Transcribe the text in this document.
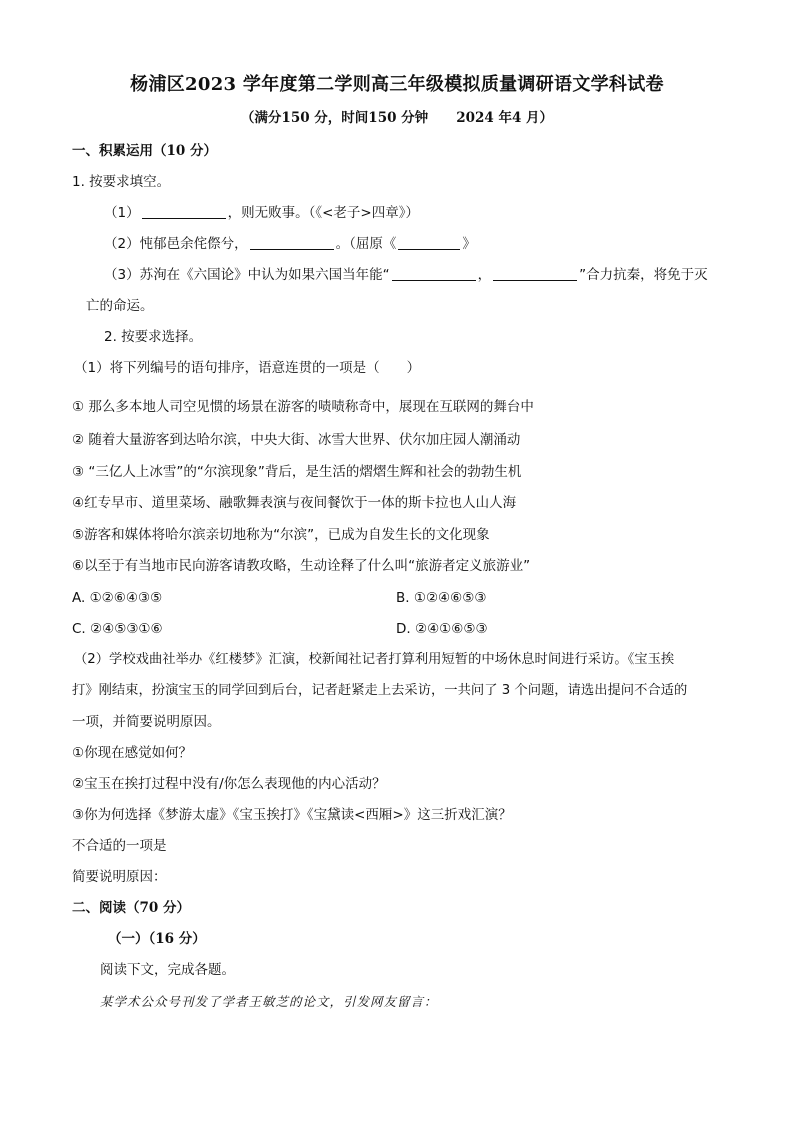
杨浦区2023 学年度第二学则高三年级模拟质量调研语文学科试卷
（满分150 分，时间150 分钟 2024 年4 月）
一、积累运用（10 分）
1. 按要求填空。
（1）	，则无败事。（《<老子>四章》）
（2）忳郁邑余侘傺兮，	。（屈原《	》
（3）苏洵在《六国论》中认为如果六国当年能“	，	”合力抗秦，将免于灭
亡的命运。
2. 按要求选择。
（1）将下列编号的语句排序，语意连贯的一项是（　　）
① 那么多本地人司空见惯的场景在游客的啧啧称奇中，展现在互联网的舞台中
② 随着大量游客到达哈尔滨，中央大街、冰雪大世界、伏尔加庄园人潮涌动
③ “三亿人上冰雪”的“尔滨现象”背后，是生活的熠熠生辉和社会的勃勃生机
④红专早市、道里菜场、融歌舞表演与夜间餐饮于一体的斯卡拉也人山人海
⑤游客和媒体将哈尔滨亲切地称为“尔滨”，已成为自发生长的文化现象
⑥以至于有当地市民向游客请教攻略，生动诠释了什么叫“旅游者定义旅游业”
A. ①②⑥④③⑤	B. ①②④⑥⑤③
C. ②④⑤③①⑥	D. ②④①⑥⑤③
（2）学校戏曲社举办《红楼梦》汇演，校新闻社记者打算利用短暂的中场休息时间进行采访。《宝玉挨
打》刚结束，扮演宝玉的同学回到后台，记者赶紧走上去采访，一共问了 3 个问题，请选出提问不合适的
一项，并简要说明原因。
①你现在感觉如何？
②宝玉在挨打过程中没有/你怎么表现他的内心活动？
③你为何选择《梦游太虚》《宝玉挨打》《宝黛读<西厢>》这三折戏汇演？
不合适的一项是
简要说明原因：
二、阅读（70 分）
（一）（16 分）
阅读下文，完成各题。
某学术公众号刊发了学者王敏芝的论文，引发网友留言：
